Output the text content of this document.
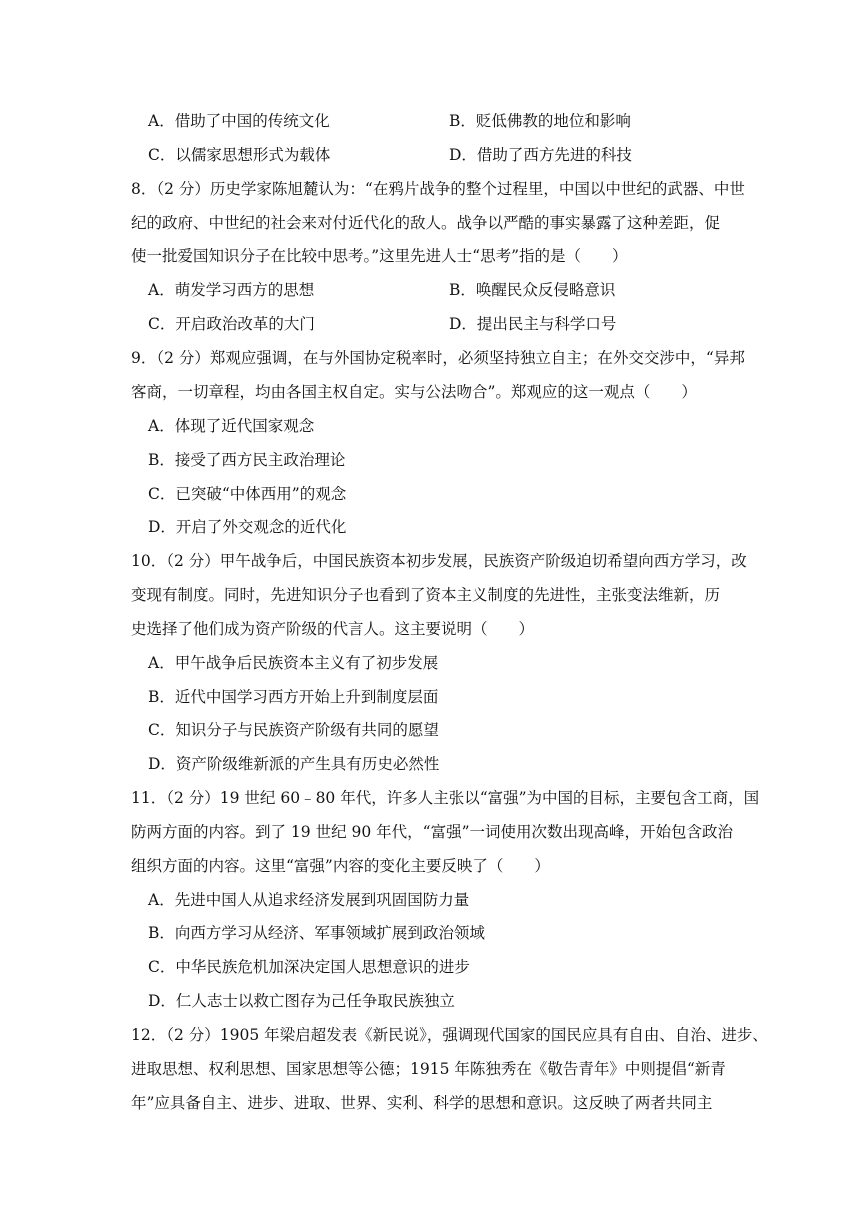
A．借助了中国的传统文化	B．贬低佛教的地位和影响
C．以儒家思想形式为载体	D．借助了西方先进的科技
8．（2 分）历史学家陈旭麓认为：“在鸦片战争的整个过程里，中国以中世纪的武器、中世
纪的政府、中世纪的社会来对付近代化的敌人。战争以严酷的事实暴露了这种差距，促
使一批爱国知识分子在比较中思考。”这里先进人士“思考”指的是（　　）
A．萌发学习西方的思想	B．唤醒民众反侵略意识
C．开启政治改革的大门	D．提出民主与科学口号
9．（2 分）郑观应强调，在与外国协定税率时，必须坚持独立自主；在外交交涉中，“异邦
客商，一切章程，均由各国主权自定。实与公法吻合”。郑观应的这一观点（　　）
A．体现了近代国家观念
B．接受了西方民主政治理论
C．已突破“中体西用”的观念
D．开启了外交观念的近代化
10．（2 分）甲午战争后，中国民族资本初步发展，民族资产阶级迫切希望向西方学习，改
变现有制度。同时，先进知识分子也看到了资本主义制度的先进性，主张变法维新，历
史选择了他们成为资产阶级的代言人。这主要说明（　　）
A．甲午战争后民族资本主义有了初步发展
B．近代中国学习西方开始上升到制度层面
C．知识分子与民族资产阶级有共同的愿望
D．资产阶级维新派的产生具有历史必然性
11．（2 分）19 世纪 60﹣80 年代，许多人主张以“富强”为中国的目标，主要包含工商，国
防两方面的内容。到了 19 世纪 90 年代，“富强”一词使用次数出现高峰，开始包含政治
组织方面的内容。这里“富强”内容的变化主要反映了（　　）
A．先进中国人从追求经济发展到巩固国防力量
B．向西方学习从经济、军事领域扩展到政治领域
C．中华民族危机加深决定国人思想意识的进步
D．仁人志士以救亡图存为己任争取民族独立
12．（2 分）1905 年梁启超发表《新民说》，强调现代国家的国民应具有自由、自治、进步、
进取思想、权利思想、国家思想等公德；1915 年陈独秀在《敬告青年》中则提倡“新青
年”应具备自主、进步、进取、世界、实利、科学的思想和意识。这反映了两者共同主
